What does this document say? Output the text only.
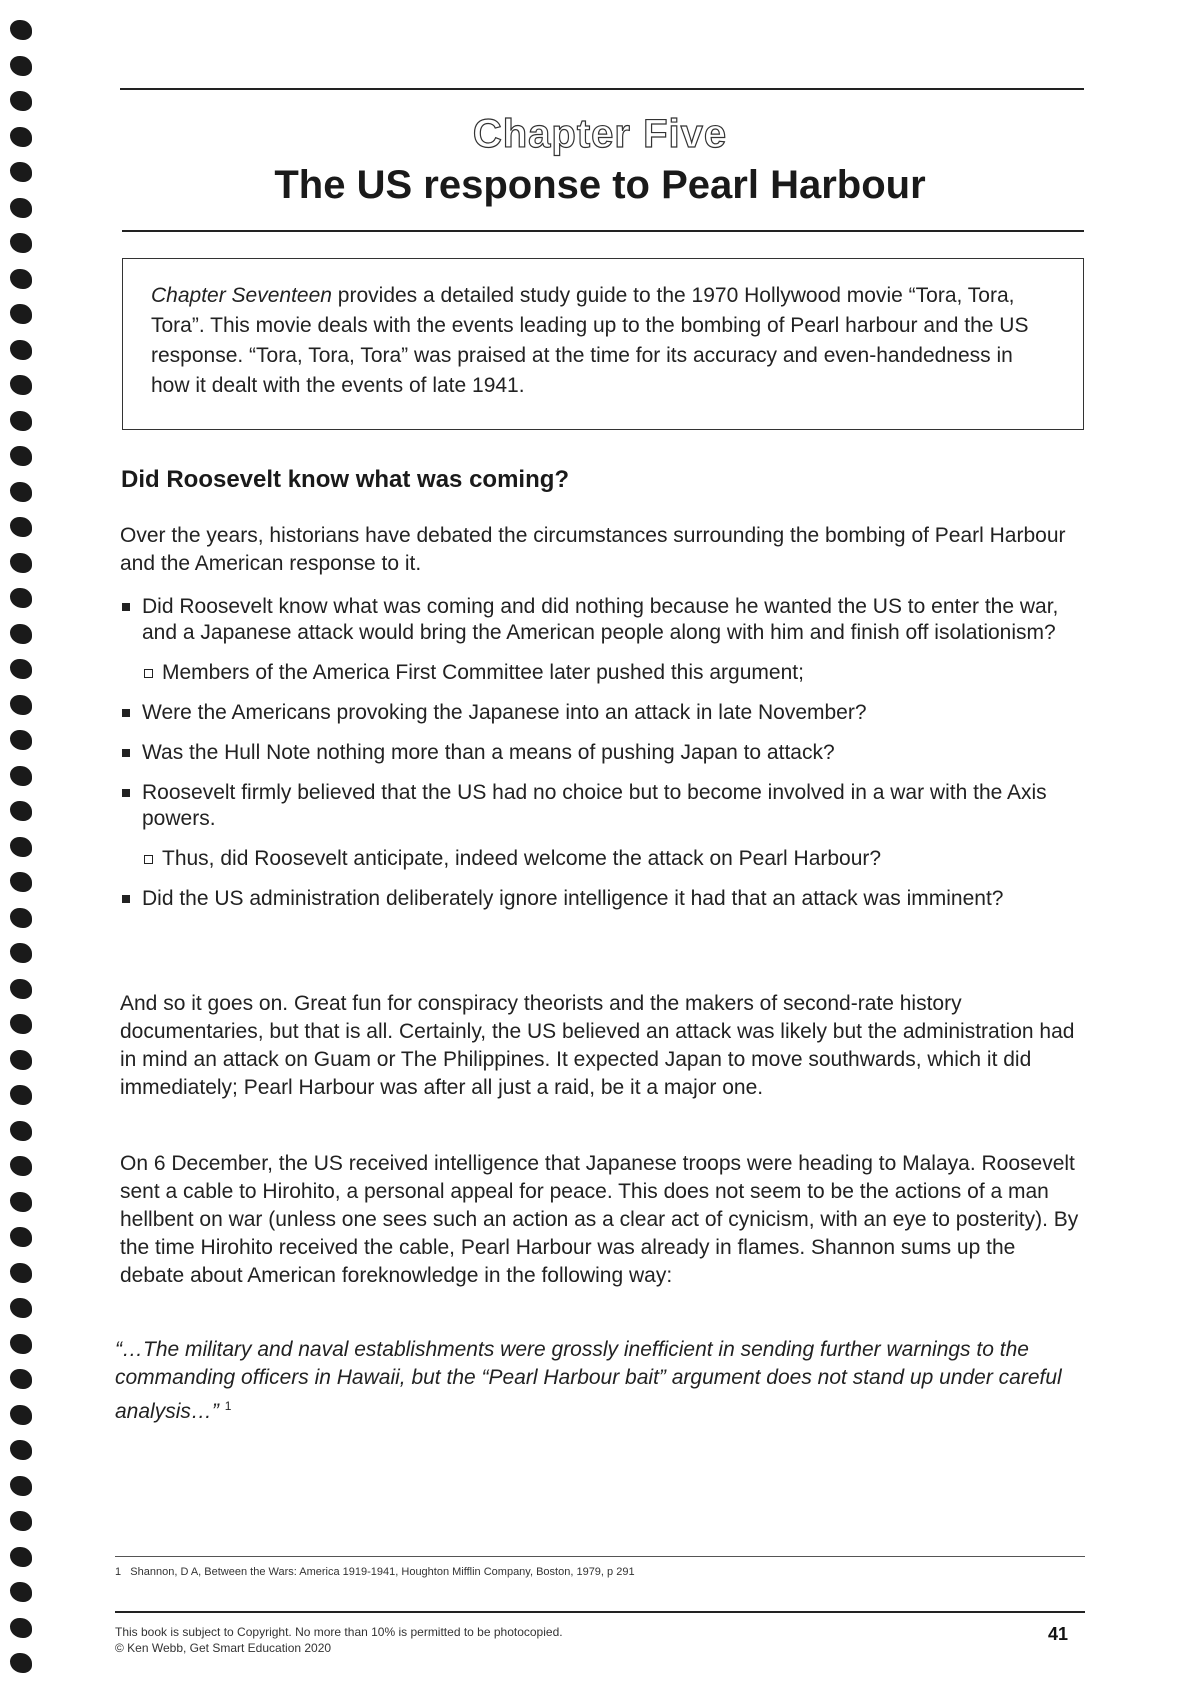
Chapter Five
The US response to Pearl Harbour
Chapter Seventeen provides a detailed study guide to the 1970 Hollywood movie “Tora, Tora, Tora”. This movie deals with the events leading up to the bombing of Pearl harbour and the US response. “Tora, Tora, Tora” was praised at the time for its accuracy and even-handedness in how it dealt with the events of late 1941.
Did Roosevelt know what was coming?
Over the years, historians have debated the circumstances surrounding the bombing of Pearl Harbour and the American response to it.
Did Roosevelt know what was coming and did nothing because he wanted the US to enter the war, and a Japanese attack would bring the American people along with him and finish off isolationism?
Members of the America First Committee later pushed this argument;
Were the Americans provoking the Japanese into an attack in late November?
Was the Hull Note nothing more than a means of pushing Japan to attack?
Roosevelt firmly believed that the US had no choice but to become involved in a war with the Axis powers.
Thus, did Roosevelt anticipate, indeed welcome the attack on Pearl Harbour?
Did the US administration deliberately ignore intelligence it had that an attack was imminent?
And so it goes on. Great fun for conspiracy theorists and the makers of second-rate history documentaries, but that is all. Certainly, the US believed an attack was likely but the administration had in mind an attack on Guam or The Philippines. It expected Japan to move southwards, which it did immediately; Pearl Harbour was after all just a raid, be it a major one.
On 6 December, the US received intelligence that Japanese troops were heading to Malaya. Roosevelt sent a cable to Hirohito, a personal appeal for peace. This does not seem to be the actions of a man hellbent on war (unless one sees such an action as a clear act of cynicism, with an eye to posterity). By the time Hirohito received the cable, Pearl Harbour was already in flames. Shannon sums up the debate about American foreknowledge in the following way:
“…The military and naval establishments were grossly inefficient in sending further warnings to the commanding officers in Hawaii, but the “Pearl Harbour bait” argument does not stand up under careful analysis…” $^1$
1 Shannon, D A, Between the Wars: America 1919-1941, Houghton Mifflin Company, Boston, 1979, p 291
This book is subject to Copyright. No more than 10% is permitted to be photocopied.
© Ken Webb, Get Smart Education 2020
41
